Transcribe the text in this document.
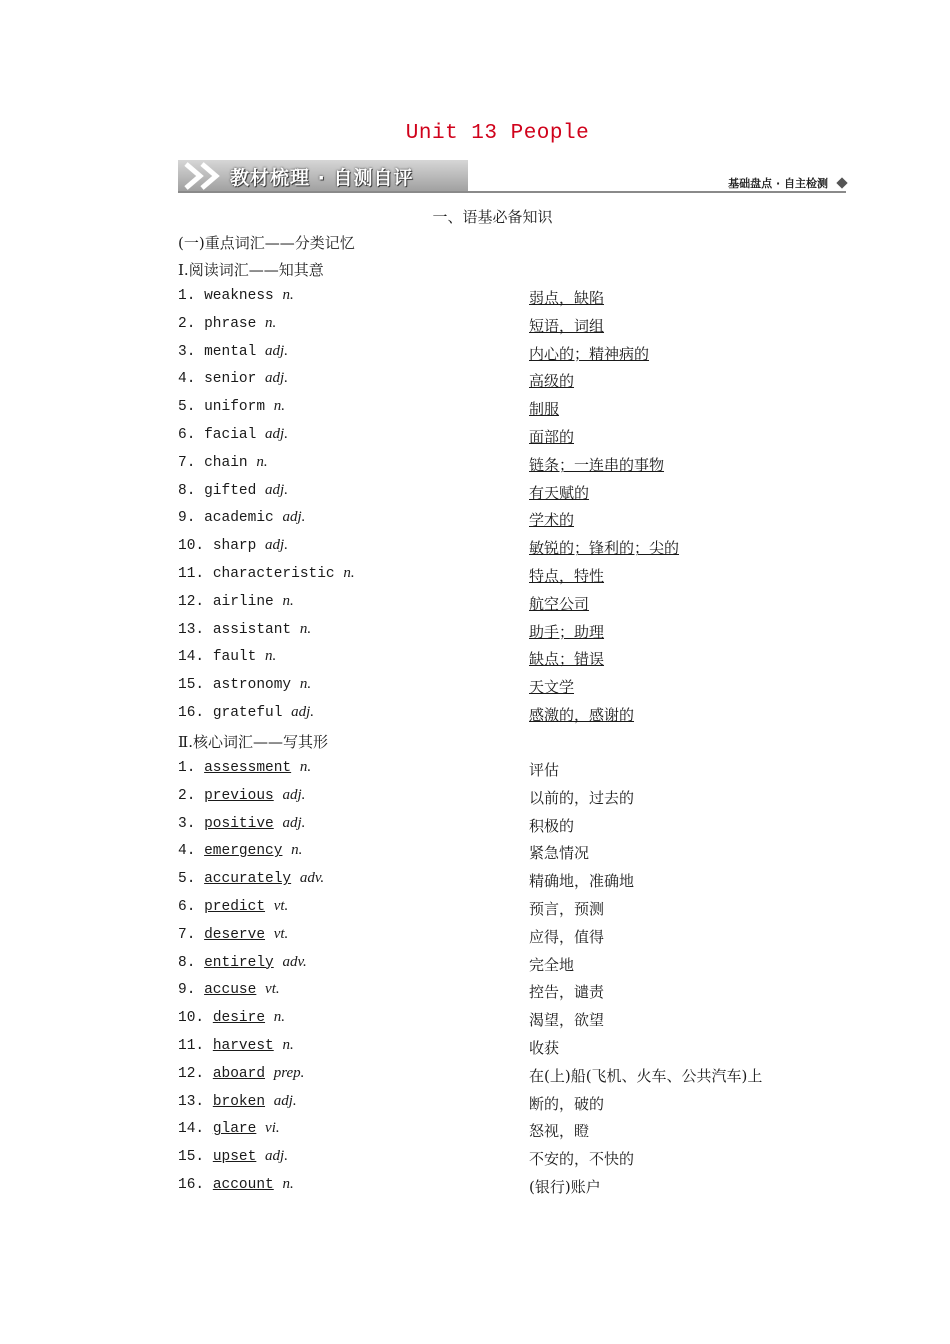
Unit 13 People
教材梳理 · 自测自评	基础盘点 · 自主检测
一、语基必备知识
(一)重点词汇——分类记忆
Ⅰ.阅读词汇——知其意
1. weakness n.	弱点，缺陷
2. phrase n.	短语，词组
3. mental adj.	内心的；精神病的
4. senior adj.	高级的
5. uniform n.	制服
6. facial adj.	面部的
7. chain n.	链条；一连串的事物
8. gifted adj.	有天赋的
9. academic adj.	学术的
10. sharp adj.	敏锐的；锋利的；尖的
11. characteristic n.	特点，特性
12. airline n.	航空公司
13. assistant n.	助手；助理
14. fault n.	缺点；错误
15. astronomy n.	天文学
16. grateful adj.	感激的，感谢的
Ⅱ.核心词汇——写其形
1. assessment n.	评估
2. previous adj.	以前的，过去的
3. positive adj.	积极的
4. emergency n.	紧急情况
5. accurately adv.	精确地，准确地
6. predict vt.	预言，预测
7. deserve vt.	应得，值得
8. entirely adv.	完全地
9. accuse vt.	控告，谴责
10. desire n.	渴望，欲望
11. harvest n.	收获
12. aboard prep.	在(上)船(飞机、火车、公共汽车)上
13. broken adj.	断的，破的
14. glare vi.	怒视，瞪
15. upset adj.	不安的，不快的
16. account n.	(银行)账户
